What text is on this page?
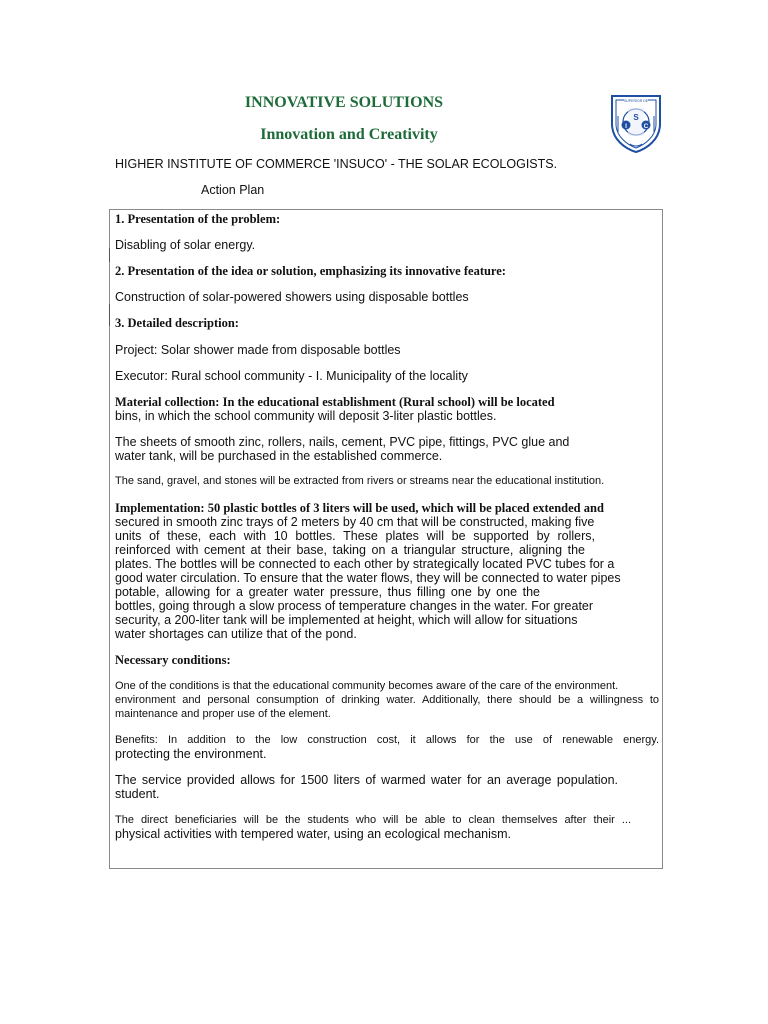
INNOVATIVE SOLUTIONS
Innovation and Creativity
SUPERIOR DE
I
S
C
HIGHER INSTITUTE OF COMMERCE 'INSUCO' - THE SOLAR ECOLOGISTS.
Action Plan

1. Presentation of the problem:

Disabling of solar energy.

2. Presentation of the idea or solution, emphasizing its innovative feature:

Construction of solar-powered showers using disposable bottles

3. Detailed description:

Project: Solar shower made from disposable bottles

Executor: Rural school community - I. Municipality of the locality

Material collection: In the educational establishment (Rural school) will be located
bins, in which the school community will deposit 3-liter plastic bottles.
The sheets of smooth zinc, rollers, nails, cement, PVC pipe, fittings, PVC glue and
water tank, will be purchased in the established commerce.

The sand, gravel, and stones will be extracted from rivers or streams near the educational institution.

Implementation: 50 plastic bottles of 3 liters will be used, which will be placed extended and
secured in smooth zinc trays of 2 meters by 40 cm that will be constructed, making five
units of these, each with 10 bottles. These plates will be supported by rollers,
reinforced with cement at their base, taking on a triangular structure, aligning the
plates. The bottles will be connected to each other by strategically located PVC tubes for a
good water circulation. To ensure that the water flows, they will be connected to water pipes
potable, allowing for a greater water pressure, thus filling one by one the
bottles, going through a slow process of temperature changes in the water. For greater
security, a 200-liter tank will be implemented at height, which will allow for situations
water shortages can utilize that of the pond.

Necessary conditions:

One of the conditions is that the educational community becomes aware of the care of the environment.
environment and personal consumption of drinking water. Additionally, there should be a willingness to
maintenance and proper use of the element.
Benefits: In addition to the low construction cost, it allows for the use of renewable energy.
protecting the environment.
The service provided allows for 1500 liters of warmed water for an average population.
student.
The direct beneficiaries will be the students who will be able to clean themselves after their ...
physical activities with tempered water, using an ecological mechanism.
